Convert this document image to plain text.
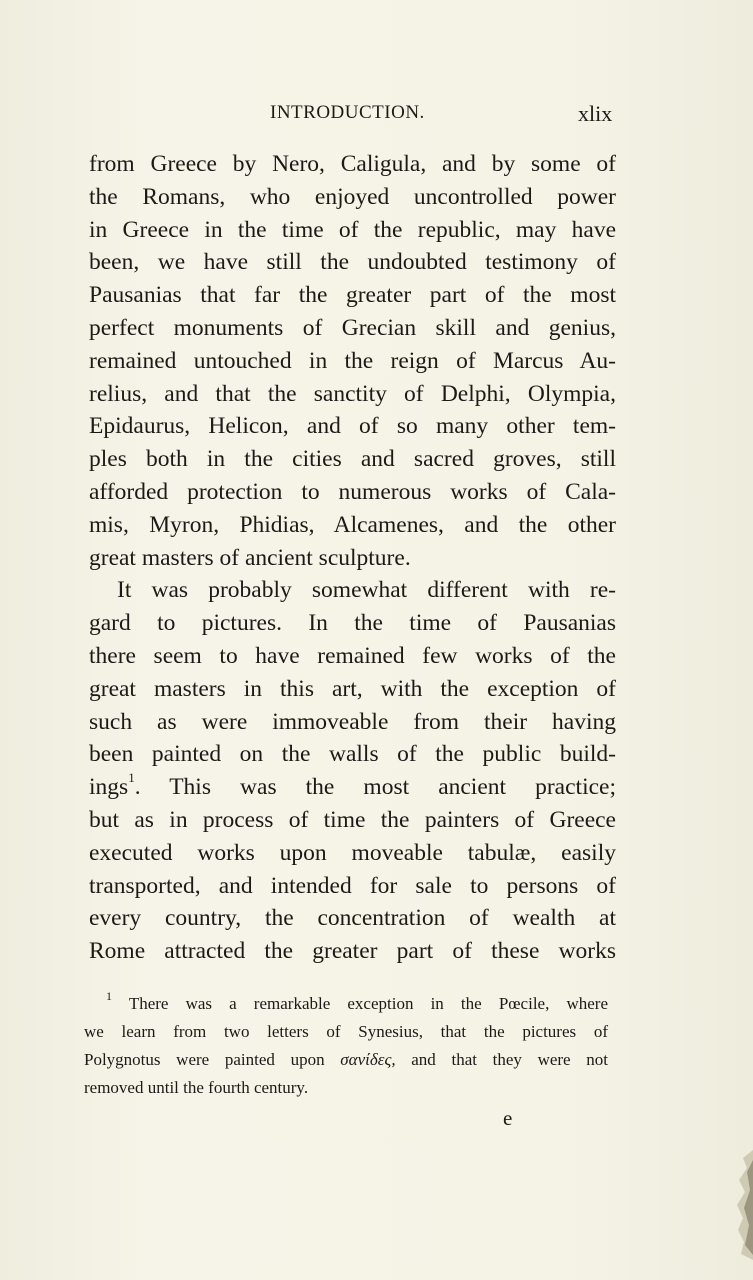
INTRODUCTION.	xlix
from Greece by Nero, Caligula, and by some of
the Romans, who enjoyed uncontrolled power
in Greece in the time of the republic, may have
been, we have still the undoubted testimony of
Pausanias that far the greater part of the most
perfect monuments of Grecian skill and genius,
remained untouched in the reign of Marcus Au-
relius, and that the sanctity of Delphi, Olympia,
Epidaurus, Helicon, and of so many other tem-
ples both in the cities and sacred groves, still
afforded protection to numerous works of Cala-
mis, Myron, Phidias, Alcamenes, and the other
great masters of ancient sculpture.
It was probably somewhat different with re-
gard to pictures. In the time of Pausanias
there seem to have remained few works of the
great masters in this art, with the exception of
such as were immoveable from their having
been painted on the walls of the public build-
ings$^1$. This was the most ancient practice;
but as in process of time the painters of Greece
executed works upon moveable tabulæ, easily
transported, and intended for sale to persons of
every country, the concentration of wealth at
Rome attracted the greater part of these works
$^1$ There was a remarkable exception in the Pœcile, where
we learn from two letters of Synesius, that the pictures of
Polygnotus were painted upon σανίδες, and that they were not
removed until the fourth century.
e
